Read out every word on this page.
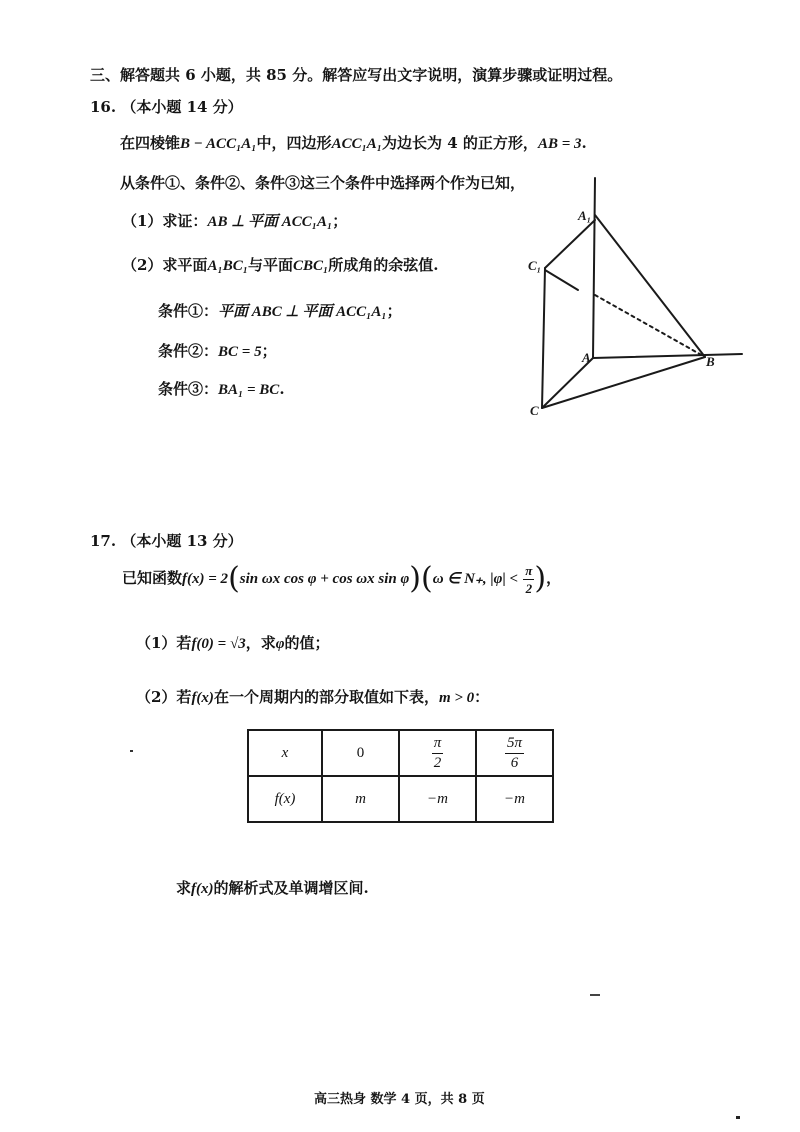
三、解答题共 6 小题，共 85 分。解答应写出文字说明，演算步骤或证明过程。
16. （本小题 14 分）
在四棱锥B − ACC₁A₁中，四边形ACC₁A₁为边长为 4 的正方形，AB = 3.
从条件①、条件②、条件③这三个条件中选择两个作为已知，
（1）求证：AB ⊥ 平面 ACC₁A₁；
（2）求平面A₁BC₁与平面CBC₁所成角的余弦值.
条件①：平面 ABC ⊥ 平面 ACC₁A₁；
条件②：BC = 5；
条件③：BA₁ = BC.
A₁
C₁
A	B
C
17. （本小题 13 分）
已知函数f(x) = 2(sin ωx cos φ + cos ωx sin φ)(ω ∈ N₊, $|\varphi| < \frac{\pi}{2}$ )，
（1）若f(0) = √3，求φ的值；
（2）若f(x)在一个周期内的部分取值如下表，m > 0：
x	0	$\frac{\pi}{2}$	$\frac{5\pi}{6}$

f(x)	m	−m	−m
求f(x)的解析式及单调增区间.
高三热身 数学 4 页，共 8 页
